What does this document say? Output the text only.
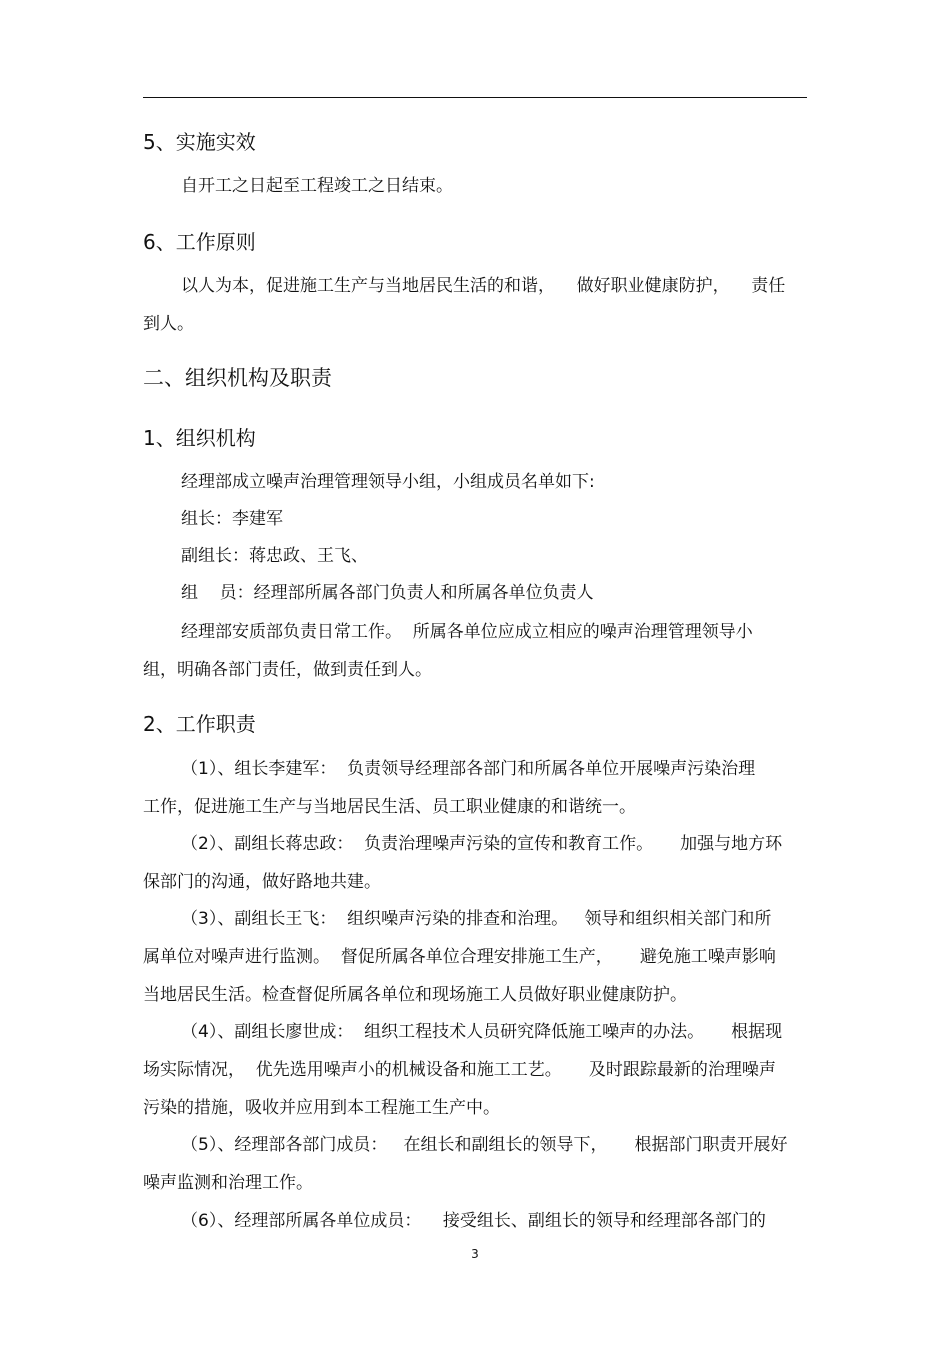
5、实施实效
自开工之日起至工程竣工之日结束。
6、工作原则
以人为本，促进施工生产与当地居民生活的和谐，    做好职业健康防护，    责任
到人。
二、组织机构及职责
1、组织机构
经理部成立噪声治理管理领导小组，小组成员名单如下:
组长：李建军
副组长：蒋忠政、王飞、
组    员：经理部所属各部门负责人和所属各单位负责人
经理部安质部负责日常工作。  所属各单位应成立相应的噪声治理管理领导小
组，明确各部门责任，做到责任到人。
2、工作职责
（1）、组长李建军：  负责领导经理部各部门和所属各单位开展噪声污染治理
工作，促进施工生产与当地居民生活、员工职业健康的和谐统一。
（2）、副组长蒋忠政：  负责治理噪声污染的宣传和教育工作。     加强与地方环
保部门的沟通，做好路地共建。
（3）、副组长王飞：  组织噪声污染的排查和治理。   领导和组织相关部门和所
属单位对噪声进行监测。  督促所属各单位合理安排施工生产，     避免施工噪声影响
当地居民生活。检查督促所属各单位和现场施工人员做好职业健康防护。
（4）、副组长廖世成：  组织工程技术人员研究降低施工噪声的办法。     根据现
场实际情况，  优先选用噪声小的机械设备和施工工艺。     及时跟踪最新的治理噪声
污染的措施，吸收并应用到本工程施工生产中。
（5）、经理部各部门成员：   在组长和副组长的领导下，     根据部门职责开展好
噪声监测和治理工作。
（6）、经理部所属各单位成员：    接受组长、副组长的领导和经理部各部门的
3
